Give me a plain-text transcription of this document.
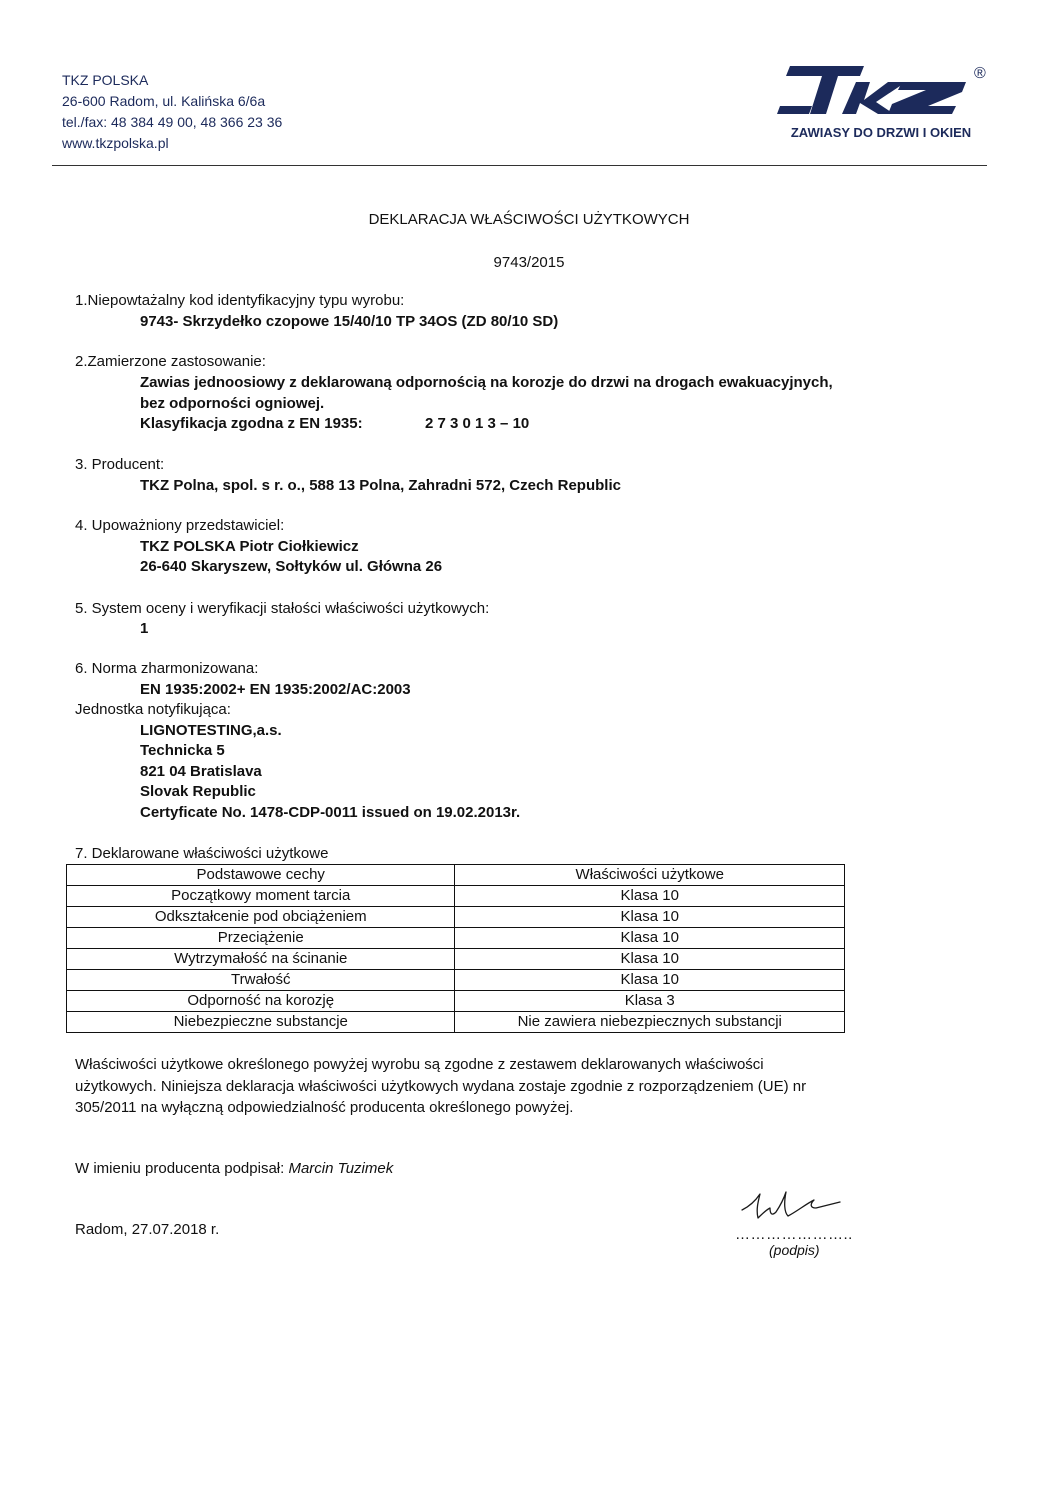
TKZ POLSKA
26-600 Radom, ul. Kalińska 6/6a
tel./fax: 48 384 49 00, 48 366 23 36
www.tkzpolska.pl
®
ZAWIASY DO DRZWI I OKIEN
DEKLARACJA WŁAŚCIWOŚCI UŻYTKOWYCH
9743/2015
1.Niepowtażalny kod identyfikacyjny typu wyrobu:
9743- Skrzydełko czopowe 15/40/10 TP 34OS (ZD 80/10 SD)
2.Zamierzone zastosowanie:
Zawias jednoosiowy z deklarowaną odpornością na korozje do drzwi na drogach ewakuacyjnych,
bez odporności ogniowej.
Klasyfikacja zgodna z EN 1935:	2 7 3 0 1 3 – 10
3. Producent:
TKZ Polna, spol. s r. o., 588 13 Polna, Zahradni 572, Czech Republic
4. Upoważniony przedstawiciel:
TKZ POLSKA Piotr Ciołkiewicz
26-640 Skaryszew, Sołtyków ul. Główna 26
5. System oceny i weryfikacji stałości właściwości użytkowych:
1
6. Norma zharmonizowana:
EN 1935:2002+ EN 1935:2002/AC:2003
Jednostka notyfikująca:
LIGNOTESTING,a.s.
Technicka 5
821 04 Bratislava
Slovak Republic
Certyficate No. 1478-CDP-0011 issued on 19.02.2013r.
7. Deklarowane właściwości użytkowe
Podstawowe cechy	Właściwości użytkowe
Początkowy moment tarcia	Klasa 10
Odkształcenie pod obciążeniem	Klasa 10
Przeciążenie	Klasa 10
Wytrzymałość na ścinanie	Klasa 10
Trwałość	Klasa 10
Odporność na korozję	Klasa 3
Niebezpieczne substancje	Nie zawiera niebezpiecznych substancji
Właściwości użytkowe określonego powyżej wyrobu są zgodne z zestawem deklarowanych właściwości
użytkowych. Niniejsza deklaracja właściwości użytkowych wydana zostaje zgodnie z rozporządzeniem (UE) nr
305/2011 na wyłączną odpowiedzialność producenta określonego powyżej.
W imieniu producenta podpisał: Marcin Tuzimek
Radom, 27.07.2018 r.	…………………..
(podpis)
